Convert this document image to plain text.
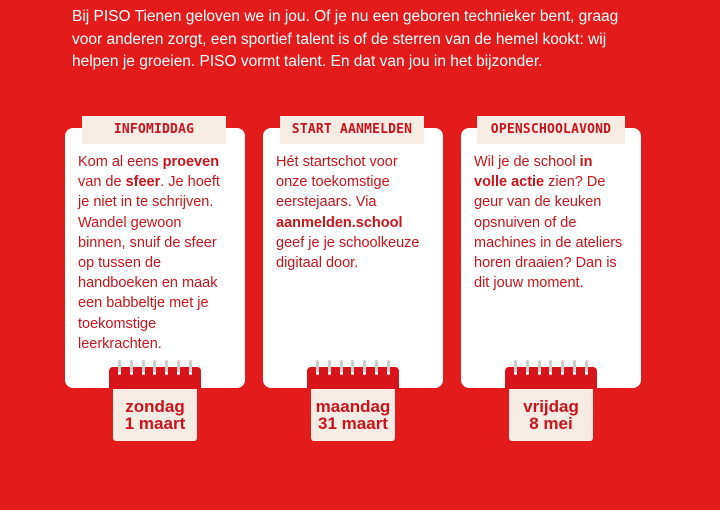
Bij PISO Tienen geloven we in jou. Of je nu een geboren technieker bent, graag
voor anderen zorgt, een sportief talent is of de sterren van de hemel kookt: wij
helpen je groeien. PISO vormt talent. En dat van jou in het bijzonder.
Kom al eens proeven
van de sfeer. Je hoeft
je niet in te schrijven.
Wandel gewoon
binnen, snuif de sfeer
op tussen de
handboeken en maak
een babbeltje met je
toekomstige
leerkrachten.
INFOMIDDAG
zondag
1 maart
Hét startschot voor
onze toekomstige
eerstejaars. Via
aanmelden.school
geef je je schoolkeuze
digitaal door.
START AANMELDEN
maandag
31 maart
Wil je de school in
volle actie zien? De
geur van de keuken
opsnuiven of de
machines in de ateliers
horen draaien? Dan is
dit jouw moment.
OPENSCHOOLAVOND
vrijdag
8 mei
